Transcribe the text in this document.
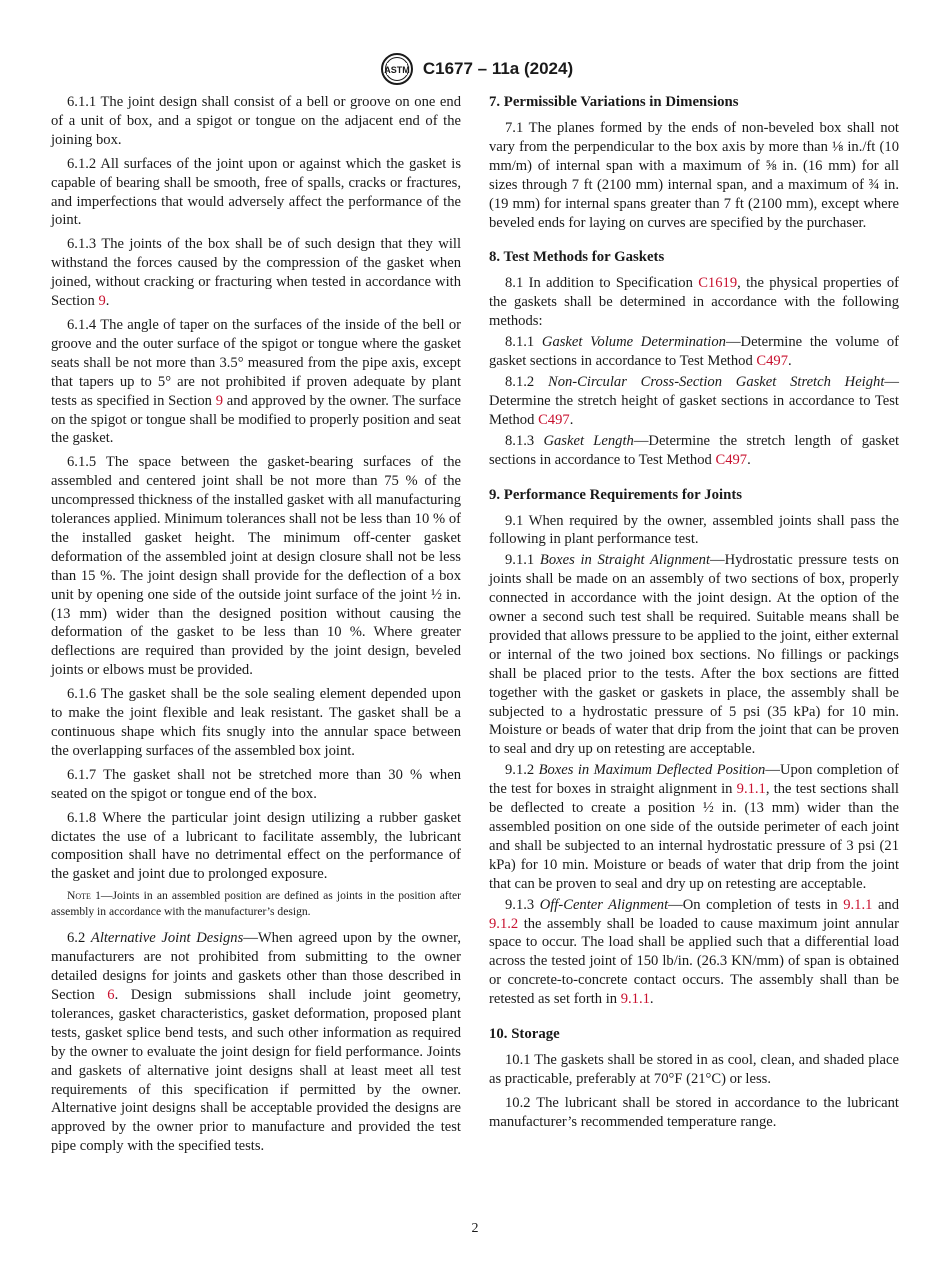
ASTM C1677 – 11a (2024)

6.1.1 The joint design shall consist of a bell or groove on one end of a unit of box, and a spigot or tongue on the adjacent end of the joining box.

6.1.2 All surfaces of the joint upon or against which the gasket is capable of bearing shall be smooth, free of spalls, cracks or fractures, and imperfections that would adversely affect the performance of the joint.

6.1.3 The joints of the box shall be of such design that they will withstand the forces caused by the compression of the gasket when joined, without cracking or fracturing when tested in accordance with Section 9.

6.1.4 The angle of taper on the surfaces of the inside of the bell or groove and the outer surface of the spigot or tongue where the gasket seats shall be not more than 3.5° measured from the pipe axis, except that tapers up to 5° are not prohibited if proven adequate by plant tests as specified in Section 9 and approved by the owner. The surface on the spigot or tongue shall be modified to properly position and seat the gasket.

6.1.5 The space between the gasket-bearing surfaces of the assembled and centered joint shall be not more than 75 % of the uncompressed thickness of the installed gasket with all manufacturing tolerances applied. Minimum tolerances shall not be less than 10 % of the installed gasket height. The minimum off-center gasket deformation of the assembled joint at design closure shall not be less than 15 %. The joint design shall provide for the deflection of a box unit by opening one side of the outside joint surface of the joint ½ in. (13 mm) wider than the designed position without causing the deformation of the gasket to be less than 10 %. Where greater deflections are required than provided by the joint design, beveled joints or elbows must be provided.

6.1.6 The gasket shall be the sole sealing element depended upon to make the joint flexible and leak resistant. The gasket shall be a continuous shape which fits snugly into the annular space between the overlapping surfaces of the assembled box joint.

6.1.7 The gasket shall not be stretched more than 30 % when seated on the spigot or tongue end of the box.

6.1.8 Where the particular joint design utilizing a rubber gasket dictates the use of a lubricant to facilitate assembly, the lubricant composition shall have no detrimental effect on the performance of the gasket and joint due to prolonged exposure.

Note 1—Joints in an assembled position are defined as joints in the position after assembly in accordance with the manufacturer’s design.

6.2 Alternative Joint Designs—When agreed upon by the owner, manufacturers are not prohibited from submitting to the owner detailed designs for joints and gaskets other than those described in Section 6. Design submissions shall include joint geometry, tolerances, gasket characteristics, gasket deformation, proposed plant tests, gasket splice bend tests, and such other information as required by the owner to evaluate the joint design for field performance. Joints and gaskets of alternative joint designs shall at least meet all test requirements of this specification if permitted by the owner. Alternative joint designs shall be acceptable provided the designs are approved by the owner prior to manufacture and provided the test pipe comply with the specified tests.

7. Permissible Variations in Dimensions

7.1 The planes formed by the ends of non-beveled box shall not vary from the perpendicular to the box axis by more than ⅛ in./ft (10 mm/m) of internal span with a maximum of ⅝ in. (16 mm) for all sizes through 7 ft (2100 mm) internal span, and a maximum of ¾ in. (19 mm) for internal spans greater than 7 ft (2100 mm), except where beveled ends for laying on curves are specified by the purchaser.

8. Test Methods for Gaskets

8.1 In addition to Specification C1619, the physical properties of the gaskets shall be determined in accordance with the following methods:

8.1.1 Gasket Volume Determination—Determine the volume of gasket sections in accordance to Test Method C497.

8.1.2 Non-Circular Cross-Section Gasket Stretch Height—Determine the stretch height of gasket sections in accordance to Test Method C497.

8.1.3 Gasket Length—Determine the stretch length of gasket sections in accordance to Test Method C497.

9. Performance Requirements for Joints

9.1 When required by the owner, assembled joints shall pass the following in plant performance test.

9.1.1 Boxes in Straight Alignment—Hydrostatic pressure tests on joints shall be made on an assembly of two sections of box, properly connected in accordance with the joint design. At the option of the owner a second such test shall be required. Suitable means shall be provided that allows pressure to be applied to the joint, either external or internal of the two joined box sections. No fillings or packings shall be placed prior to the tests. After the box sections are fitted together with the gasket or gaskets in place, the assembly shall be subjected to a hydrostatic pressure of 5 psi (35 kPa) for 10 min. Moisture or beads of water that drip from the joint that can be proven to seal and dry up on retesting are acceptable.

9.1.2 Boxes in Maximum Deflected Position—Upon completion of the test for boxes in straight alignment in 9.1.1, the test sections shall be deflected to create a position ½ in. (13 mm) wider than the assembled position on one side of the outside perimeter of each joint and shall be subjected to an internal hydrostatic pressure of 3 psi (21 kPa) for 10 min. Moisture or beads of water that drip from the joint that can be proven to seal and dry up on retesting are acceptable.

9.1.3 Off-Center Alignment—On completion of tests in 9.1.1 and 9.1.2 the assembly shall be loaded to cause maximum joint annular space to occur. The load shall be applied such that a differential load across the tested joint of 150 lb/in. (26.3 KN/mm) of span is obtained or concrete-to-concrete contact occurs. The assembly shall than be retested as set forth in 9.1.1.

10. Storage

10.1 The gaskets shall be stored in as cool, clean, and shaded place as practicable, preferably at 70°F (21°C) or less.

10.2 The lubricant shall be stored in accordance to the lubricant manufacturer’s recommended temperature range.

2
